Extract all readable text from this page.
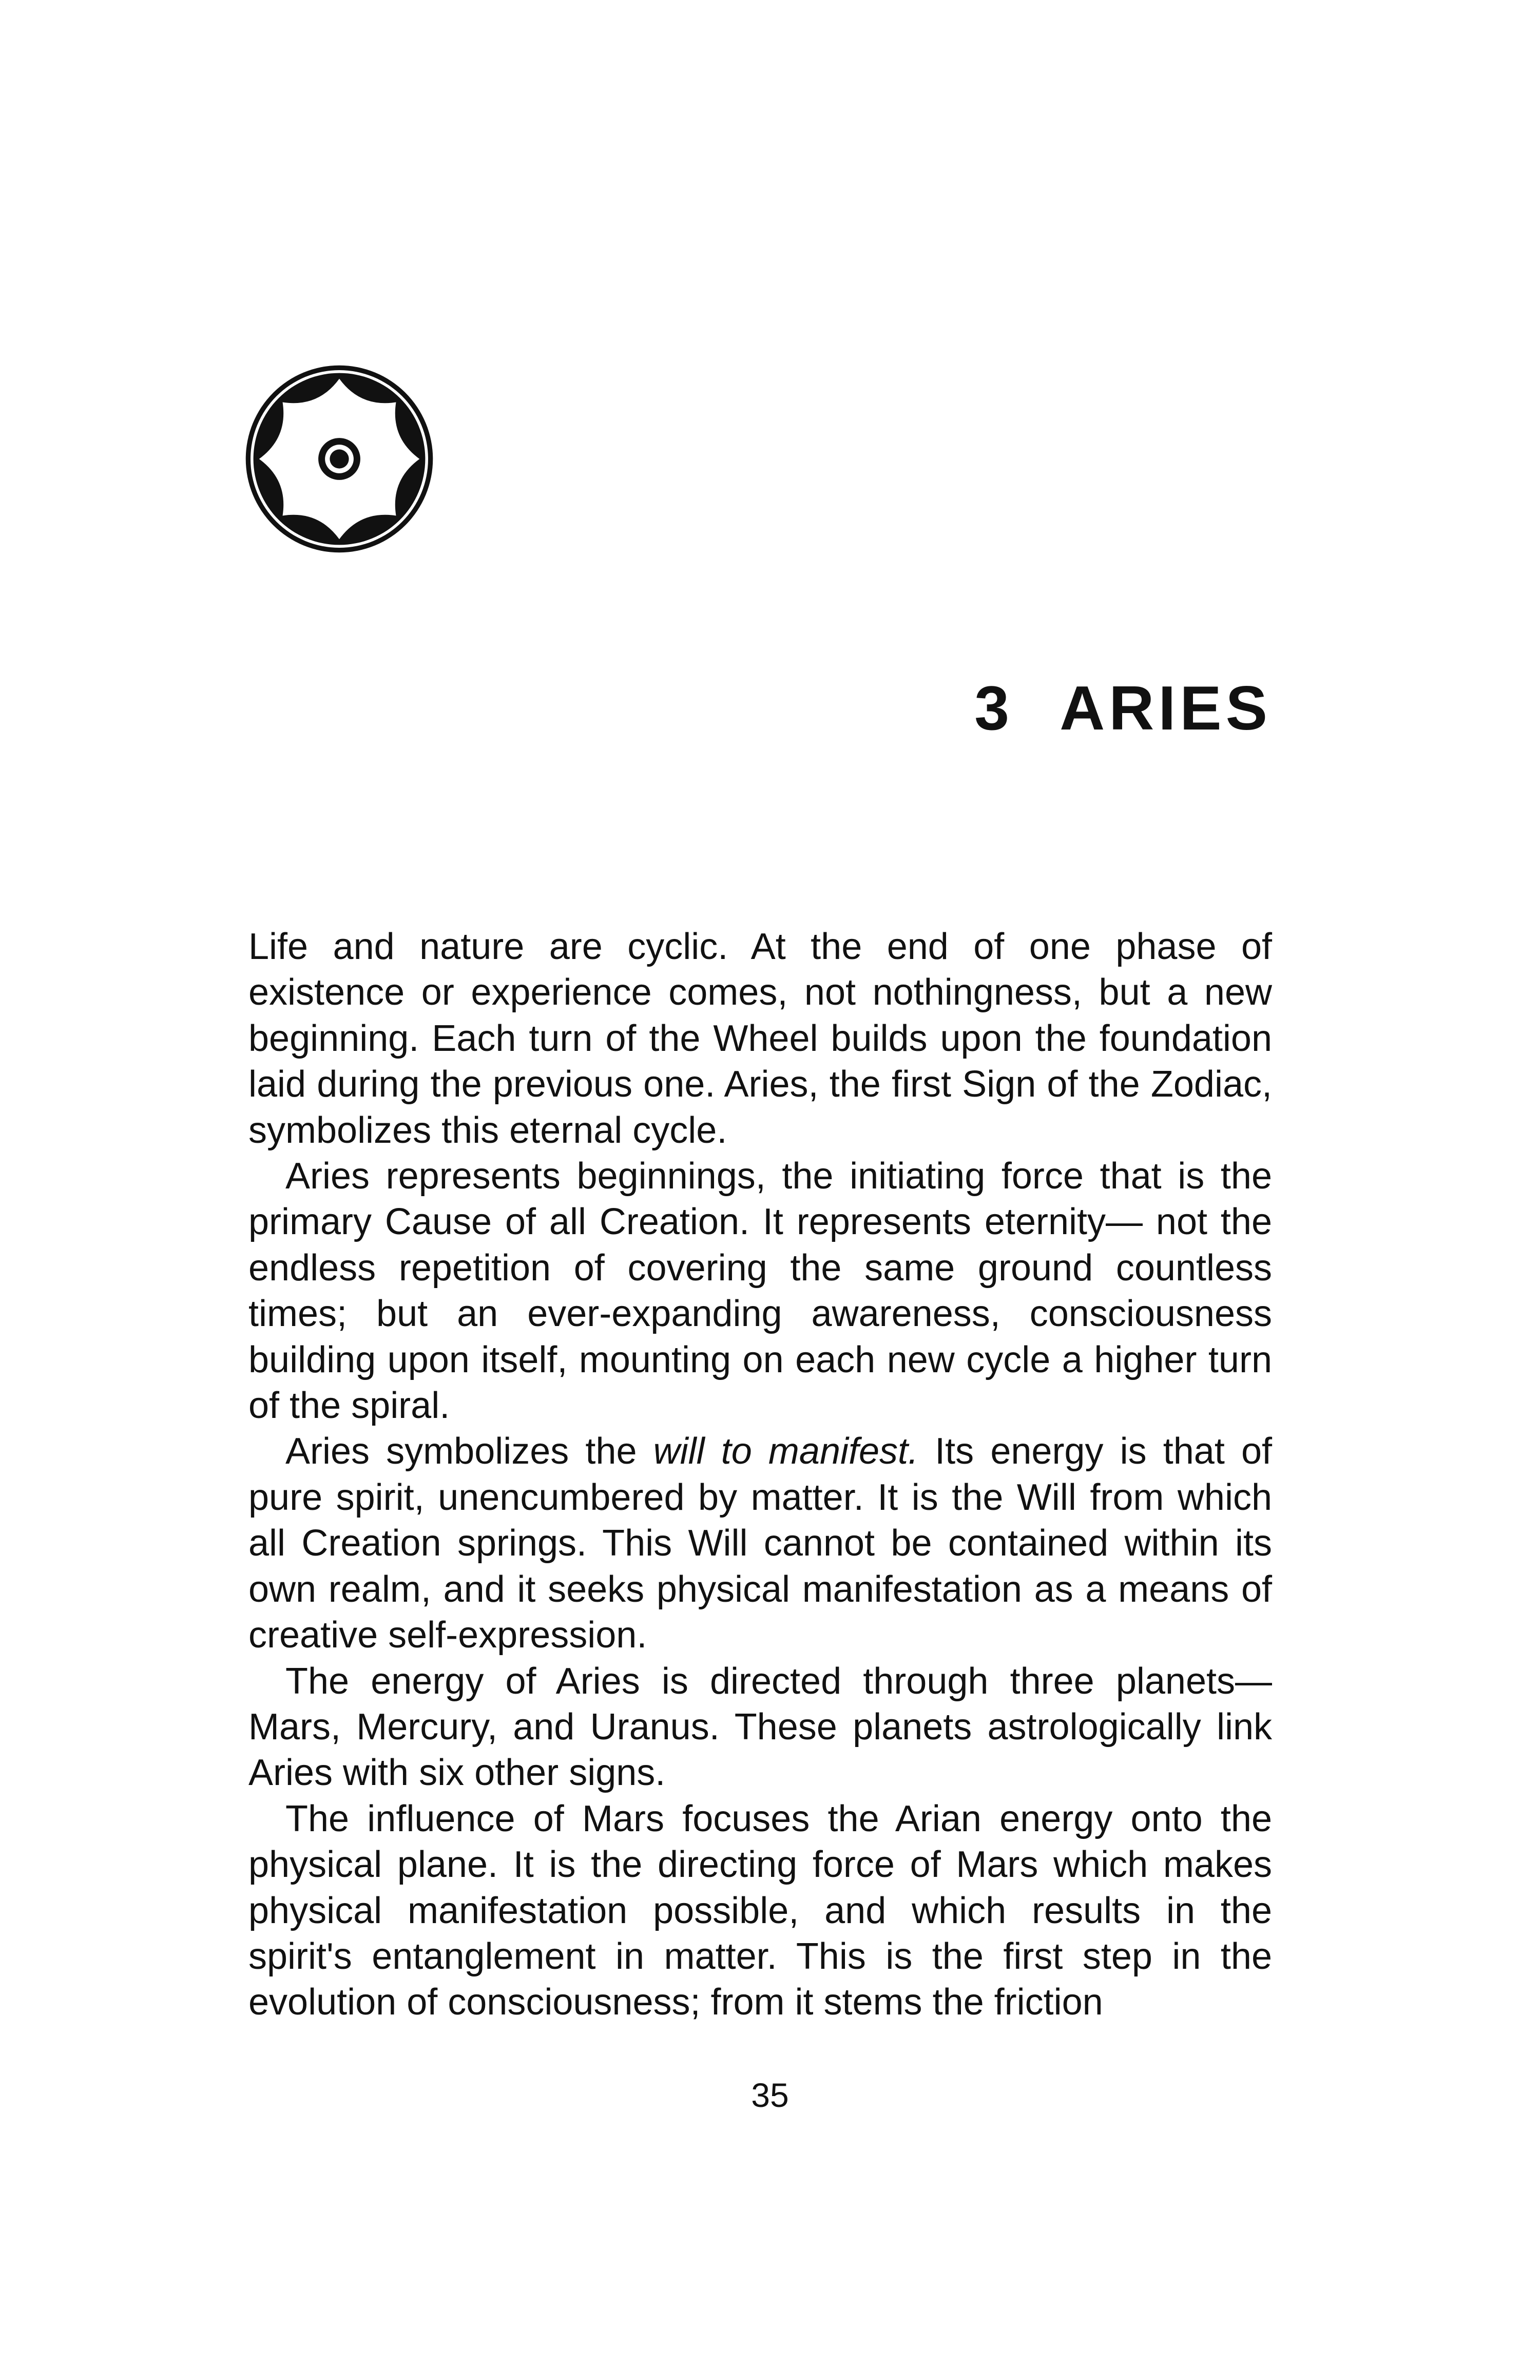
3 ARIES

Life and nature are cyclic. At the end of one phase of existence or experience comes, not nothingness, but a new beginning. Each turn of the Wheel builds upon the foundation laid during the previous one. Aries, the first Sign of the Zodiac, symbolizes this eternal cycle.

Aries represents beginnings, the initiating force that is the primary Cause of all Creation. It represents eternity— not the endless repetition of covering the same ground countless times; but an ever-expanding awareness, consciousness building upon itself, mounting on each new cycle a higher turn of the spiral.

Aries symbolizes the will to manifest. Its energy is that of pure spirit, unencumbered by matter. It is the Will from which all Creation springs. This Will cannot be contained within its own realm, and it seeks physical manifestation as a means of creative self-expression.

The energy of Aries is directed through three planets— Mars, Mercury, and Uranus. These planets astrologically link Aries with six other signs.

The influence of Mars focuses the Arian energy onto the physical plane. It is the directing force of Mars which makes physical manifestation possible, and which results in the spirit's entanglement in matter. This is the first step in the evolution of consciousness; from it stems the friction

35
